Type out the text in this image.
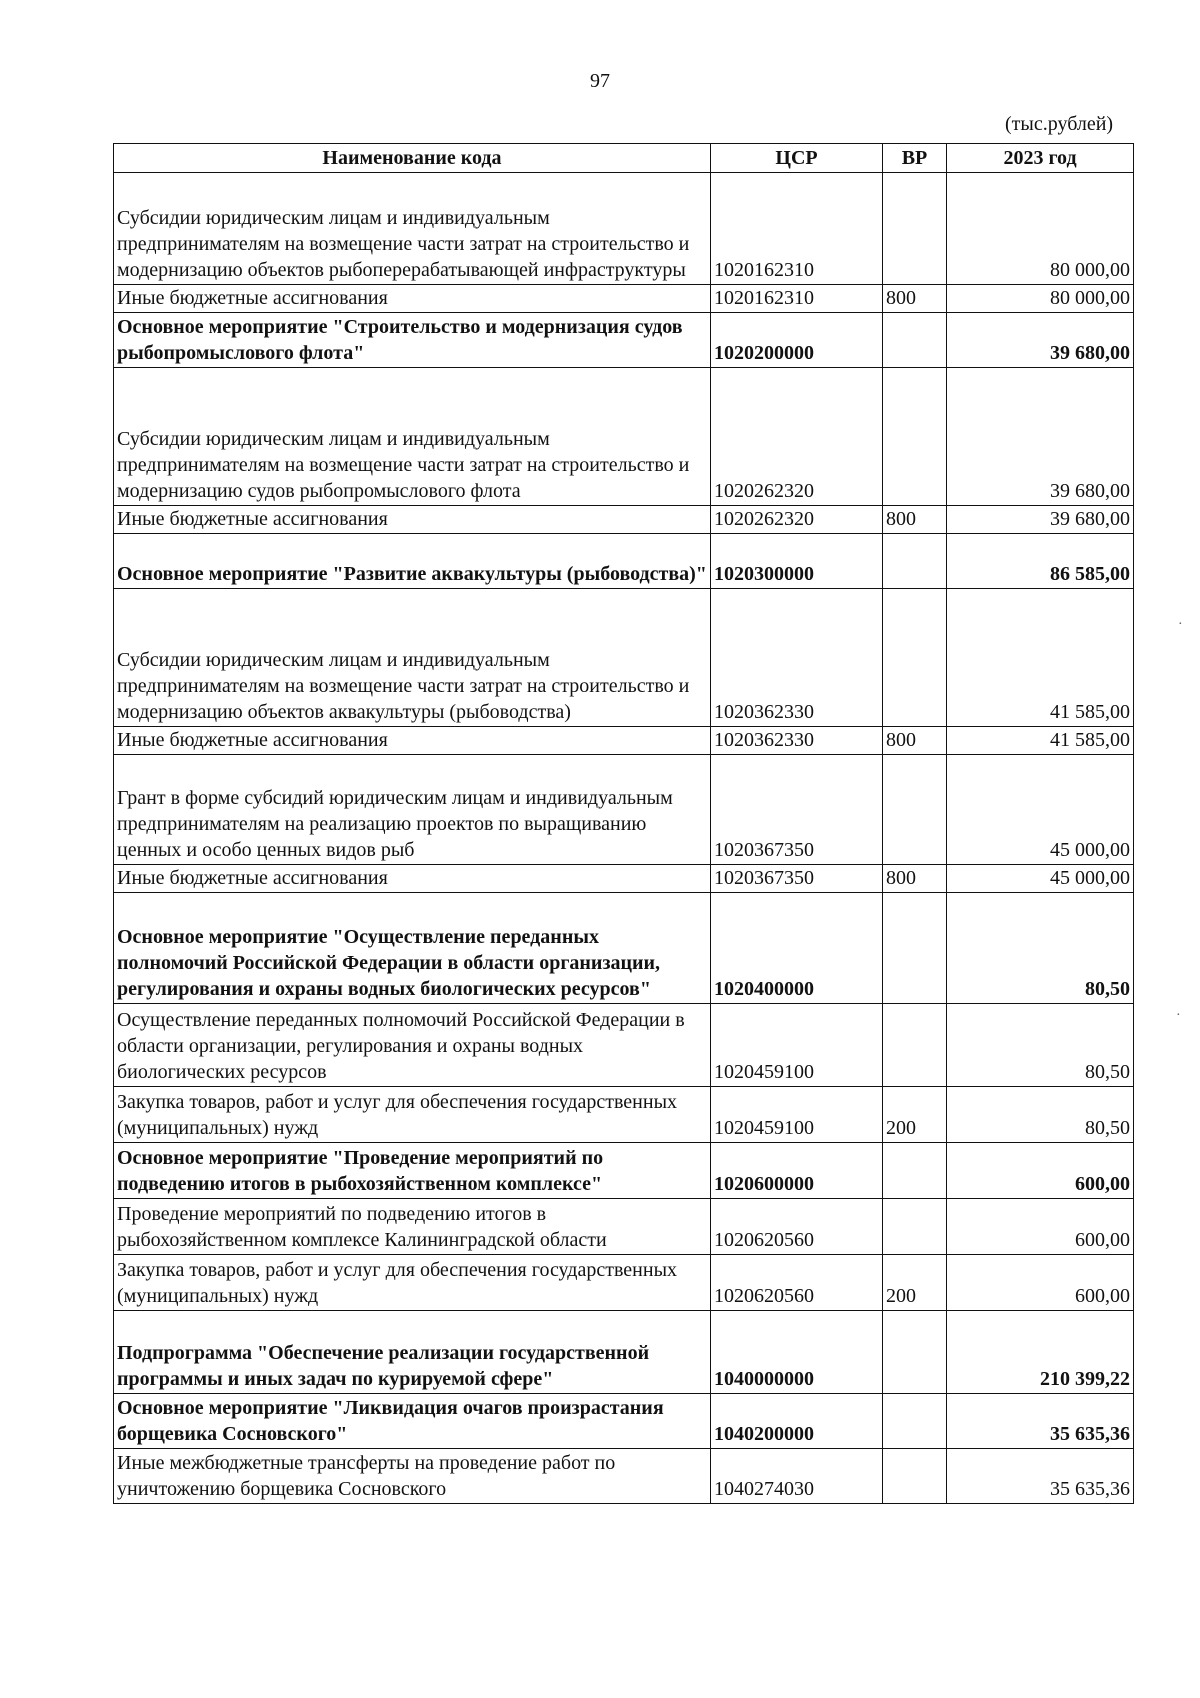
97
(тыс.рублей)
Наименование кода	ЦСР	ВР	2023 год
Субсидии юридическим лицам и индивидуальным предпринимателям на возмещение части затрат на строительство и модернизацию объектов рыбоперерабатывающей инфраструктуры	1020162310		80 000,00
Иные бюджетные ассигнования	1020162310	800	80 000,00
Основное мероприятие "Строительство и модернизация судов рыбопромыслового флота"	1020200000		39 680,00
Субсидии юридическим лицам и индивидуальным предпринимателям на возмещение части затрат на строительство и модернизацию судов рыбопромыслового флота	1020262320		39 680,00
Иные бюджетные ассигнования	1020262320	800	39 680,00
Основное мероприятие "Развитие аквакультуры (рыбоводства)"	1020300000		86 585,00
Субсидии юридическим лицам и индивидуальным предпринимателям на возмещение части затрат на строительство и модернизацию объектов аквакультуры (рыбоводства)	1020362330		41 585,00
Иные бюджетные ассигнования	1020362330	800	41 585,00
Грант в форме субсидий юридическим лицам и индивидуальным предпринимателям на реализацию проектов по выращиванию ценных и особо ценных видов рыб	1020367350		45 000,00
Иные бюджетные ассигнования	1020367350	800	45 000,00
Основное мероприятие "Осуществление переданных полномочий Российской Федерации в области организации, регулирования и охраны водных биологических ресурсов"	1020400000		80,50
Осуществление переданных полномочий Российской Федерации в области организации, регулирования и охраны водных биологических ресурсов	1020459100		80,50
Закупка товаров, работ и услуг для обеспечения государственных (муниципальных) нужд	1020459100	200	80,50
Основное мероприятие "Проведение мероприятий по подведению итогов в рыбохозяйственном комплексе"	1020600000		600,00
Проведение мероприятий по подведению итогов в рыбохозяйственном комплексе Калининградской области	1020620560		600,00
Закупка товаров, работ и услуг для обеспечения государственных (муниципальных) нужд	1020620560	200	600,00
Подпрограмма "Обеспечение реализации государственной программы и иных задач по курируемой сфере"	1040000000		210 399,22
Основное мероприятие "Ликвидация очагов произрастания борщевика Сосновского"	1040200000		35 635,36
Иные межбюджетные трансферты на проведение работ по уничтожению борщевика Сосновского	1040274030		35 635,36
·
·
